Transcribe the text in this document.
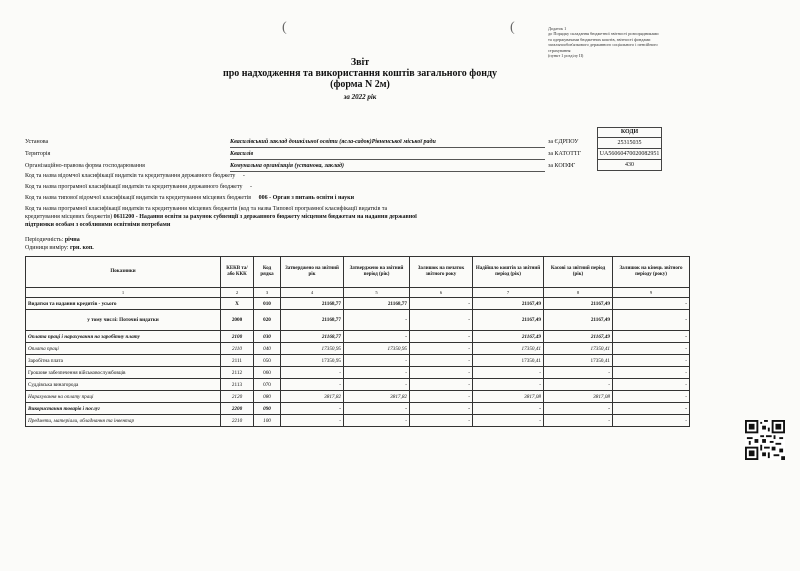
(	(	Додаток 1
до Порядку складання бюджетної звітності розпорядниками
та одержувачами бюджетних коштів, звітності фондами
загальнообов'язкового державного соціального і пенсійного
страхування
(пункт 1 розділу II)
Звіт
про надходження та використання коштів загального фонду
(форма N 2м)
за 2022 рік
КОДИ
Установа	Квасилівський заклад дошкільної освіти (ясла-садок)Рівненської міської ради	за ЄДРПОУ	25315035
Територія	Квасилів	за КАТОТТГ	UA56060470020082951
Організаційно-правова форма господарювання	Комунальна організація (установа, заклад)	за КОПФГ	430
Код та назва відомчої класифікації видатків та кредитування державного бюджету -
Код та назва програмної класифікації видатків та кредитування державного бюджету -
Код та назва типової відомчої класифікації видатків та кредитування місцевих бюджетів 006 - Орган з питань освіти і науки
Код та назва програмної класифікації видатків та кредитування місцевих бюджетів (код та назва Типової програмної класифікації видатків та
кредитування місцевих бюджетів) 0611200 - Надання освіти за рахунок субвенції з державного бюджету місцевим бюджетам на надання державної
підтримки особам з особливими освітніми потребами
Періодичність: річна
Одиниця виміру: грн. коп.
Показники	КЕКВ та/або ККК	Код рядка	Затверджено на звітний рік	Затверджено на звітний період (рік)	Залишок на початок звітного року	Надійшло коштів за звітний період (рік)	Касові за звітний період (рік)	Залишок на кінець звітного періоду (року)
1	2	3	4	5	6	7	8	9
Видатки та надання кредитів - усього	X	010	21168,77	21168,77	-	21167,49	21167,49	-
у тому числі: Поточні видатки	2000	020	21168,77	-	-	21167,49	21167,49	-
Оплата праці і нарахування на заробітну плату	2100	030	21168,77	-	-	21167,49	21167,49	-
Оплата праці	2110	040	17350,95	17350,95	-	17350,41	17350,41	-
Заробітна плата	2111	050	17350,95	-	-	17350,41	17350,41	-
Грошове забезпечення військовослужбовців	2112	060	-	-	-	-	-	-
Суддівська винагорода	2113	070	-	-	-	-	-	-
Нарахування на оплату праці	2120	080	3817,82	3817,82	-	3817,08	3817,08	-
Використання товарів і послуг	2200	090	-	-	-	-	-	-
Предмети, матеріали, обладнання та інвентар	2210	100	-	-	-	-	-	-
